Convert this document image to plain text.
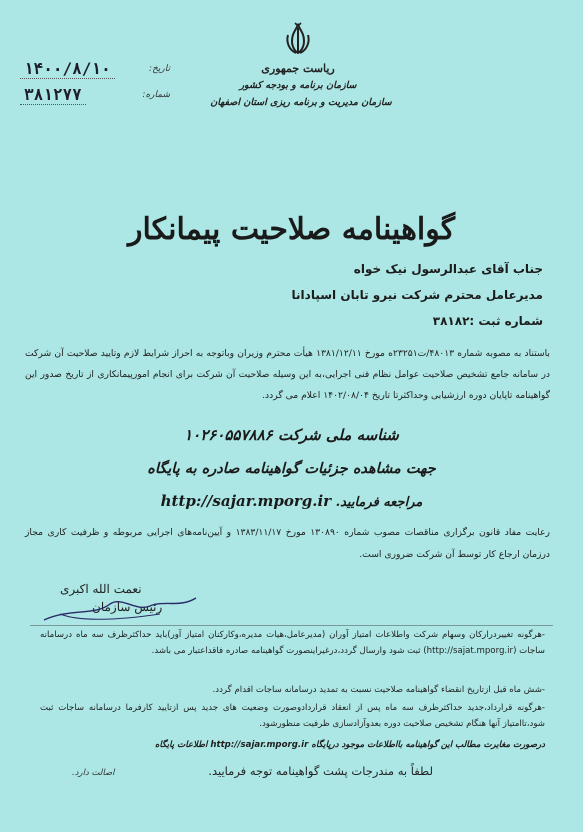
۱۴۰۰/۸/۱۰	تاریخ:
۳۸۱۲۷۷	شماره:
ریاست جمهوری
سازمان برنامه و بودجه کشور
سازمان مدیریت و برنامه ریزی استان اصفهان
گواهینامه صلاحیت پیمانکار
جناب آقای عبدالرسول نیک خواه
مدیرعامل محترم شرکت نیرو تابان اسپادانا
شماره ثبت :۳۸۱۸۲
باستناد به مصوبه شماره ۴۸۰۱۳/ت۲۳۲۵۱ه مورخ ۱۳۸۱/۱۲/۱۱ هیأت محترم وزیران وباتوجه به احراز شرایط لازم وتایید صلاحیت آن شرکت در سامانه جامع تشخیص صلاحیت عوامل نظام فنی اجرایی،به این وسیله صلاحیت آن شرکت برای انجام امورپیمانکاری از تاریخ صدور این گواهینامه تاپایان دوره ارزشیابی وحداکثرتا تاریخ ۱۴۰۲/۰۸/۰۴ اعلام می گردد.
شناسه ملی شرکت ۱۰۲۶۰۵۵۷۸۸۶
جهت مشاهده جزئیات گواهینامه صادره به پایگاه
مراجعه فرمایید. http://sajar.mporg.ir
رعایت مفاد قانون برگزاری مناقصات مصوب شماره ۱۳۰۸۹۰ مورخ ۱۳۸۳/۱۱/۱۷ و آیین‌نامه‌های اجرایی مربوطه و ظرفیت کاری مجاز درزمان ارجاع کار توسط آن شرکت ضروری است.
نعمت الله اکبری
رئیس سازمان
-هرگونه تغییردرارکان وسهام شرکت واطلاعات امتیاز آوران (مدیرعامل،هیات مدیره،وکارکنان امتیاز آور)باید حداکثرظرف سه ماه درسامانه ساجات (http://sajat.mporg.ir) ثبت شود وارسال گردد،درغیراینصورت گواهینامه صادره فاقداعتبار می باشد.
-شش ماه قبل ازتاریخ انقضاء گواهینامه صلاحیت نسبت به تمدید درسامانه ساجات اقدام گردد.
-هرگونه قرارداد،جدید حداکثرظرف سه ماه پس از انعقاد قراردادوصورت وضعیت های جدید پس ازتایید کارفرما درسامانه ساجات ثبت شود،تاامتیاز آنها هنگام تشخیص صلاحیت دوره بعدوآزادسازی ظرفیت منظورشود.
درصورت مغایرت مطالب این گواهینامه بااطلاعات موجود درپایگاه http://sajar.mporg.ir اطلاعات پایگاه
لطفاً به مندرجات پشت گواهینامه توجه فرمایید.
اصالت دارد.
